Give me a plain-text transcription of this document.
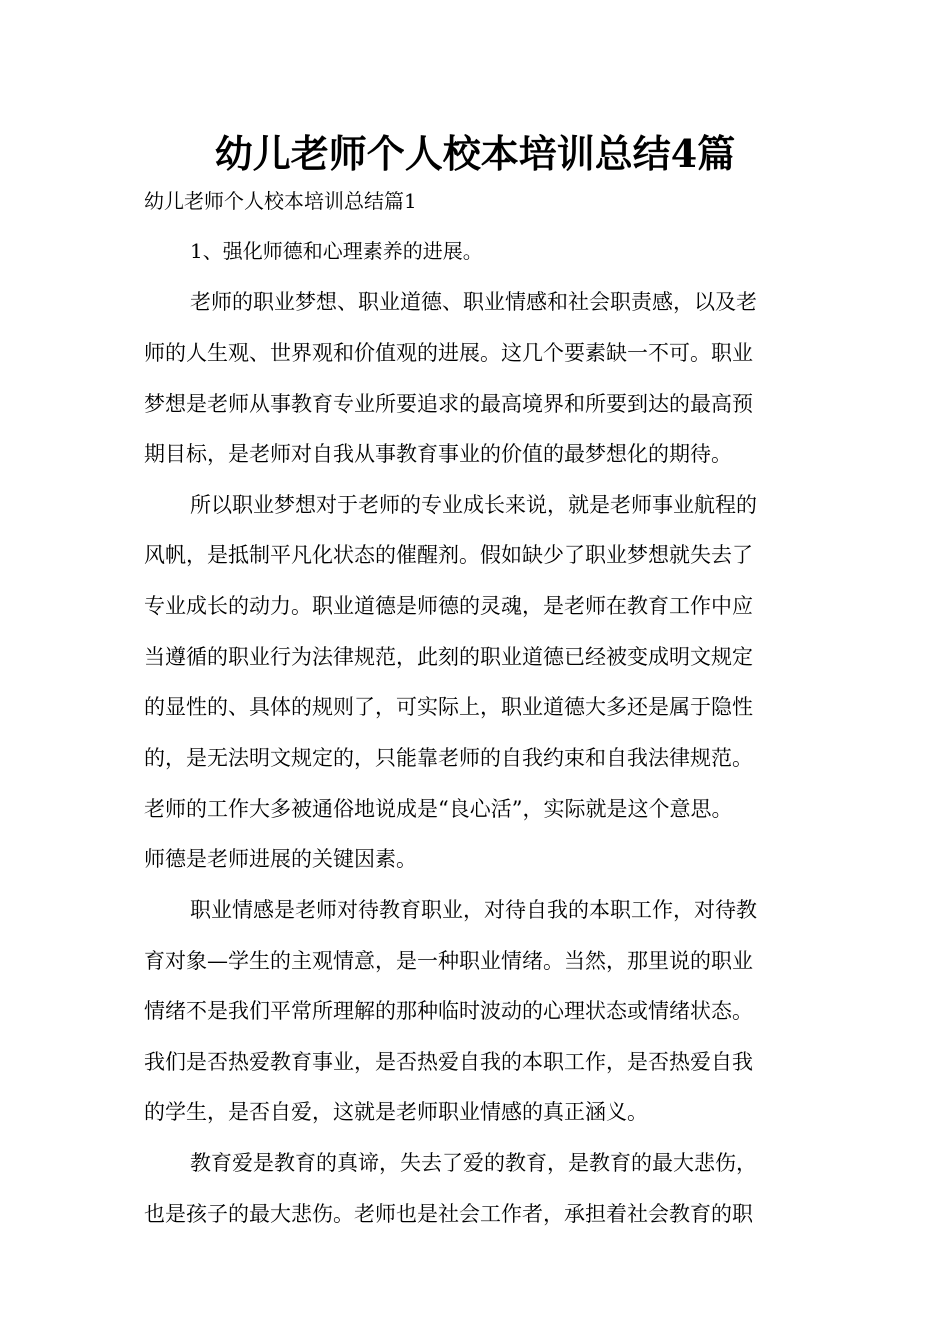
幼儿老师个人校本培训总结4篇

幼儿老师个人校本培训总结篇1

1、强化师德和心理素养的进展。

老师的职业梦想、职业道德、职业情感和社会职责感，以及老

师的人生观、世界观和价值观的进展。这几个要素缺一不可。职业

梦想是老师从事教育专业所要追求的最高境界和所要到达的最高预

期目标，是老师对自我从事教育事业的价值的最梦想化的期待。

所以职业梦想对于老师的专业成长来说，就是老师事业航程的

风帆，是抵制平凡化状态的催醒剂。假如缺少了职业梦想就失去了

专业成长的动力。职业道德是师德的灵魂，是老师在教育工作中应

当遵循的职业行为法律规范，此刻的职业道德已经被变成明文规定

的显性的、具体的规则了，可实际上，职业道德大多还是属于隐性

的，是无法明文规定的，只能靠老师的自我约束和自我法律规范。

老师的工作大多被通俗地说成是“良心活”，实际就是这个意思。

师德是老师进展的关键因素。

职业情感是老师对待教育职业，对待自我的本职工作，对待教

育对象—学生的主观情意，是一种职业情绪。当然，那里说的职业

情绪不是我们平常所理解的那种临时波动的心理状态或情绪状态。

我们是否热爱教育事业，是否热爱自我的本职工作，是否热爱自我

的学生，是否自爱，这就是老师职业情感的真正涵义。

教育爱是教育的真谛，失去了爱的教育，是教育的最大悲伤，

也是孩子的最大悲伤。老师也是社会工作者，承担着社会教育的职
